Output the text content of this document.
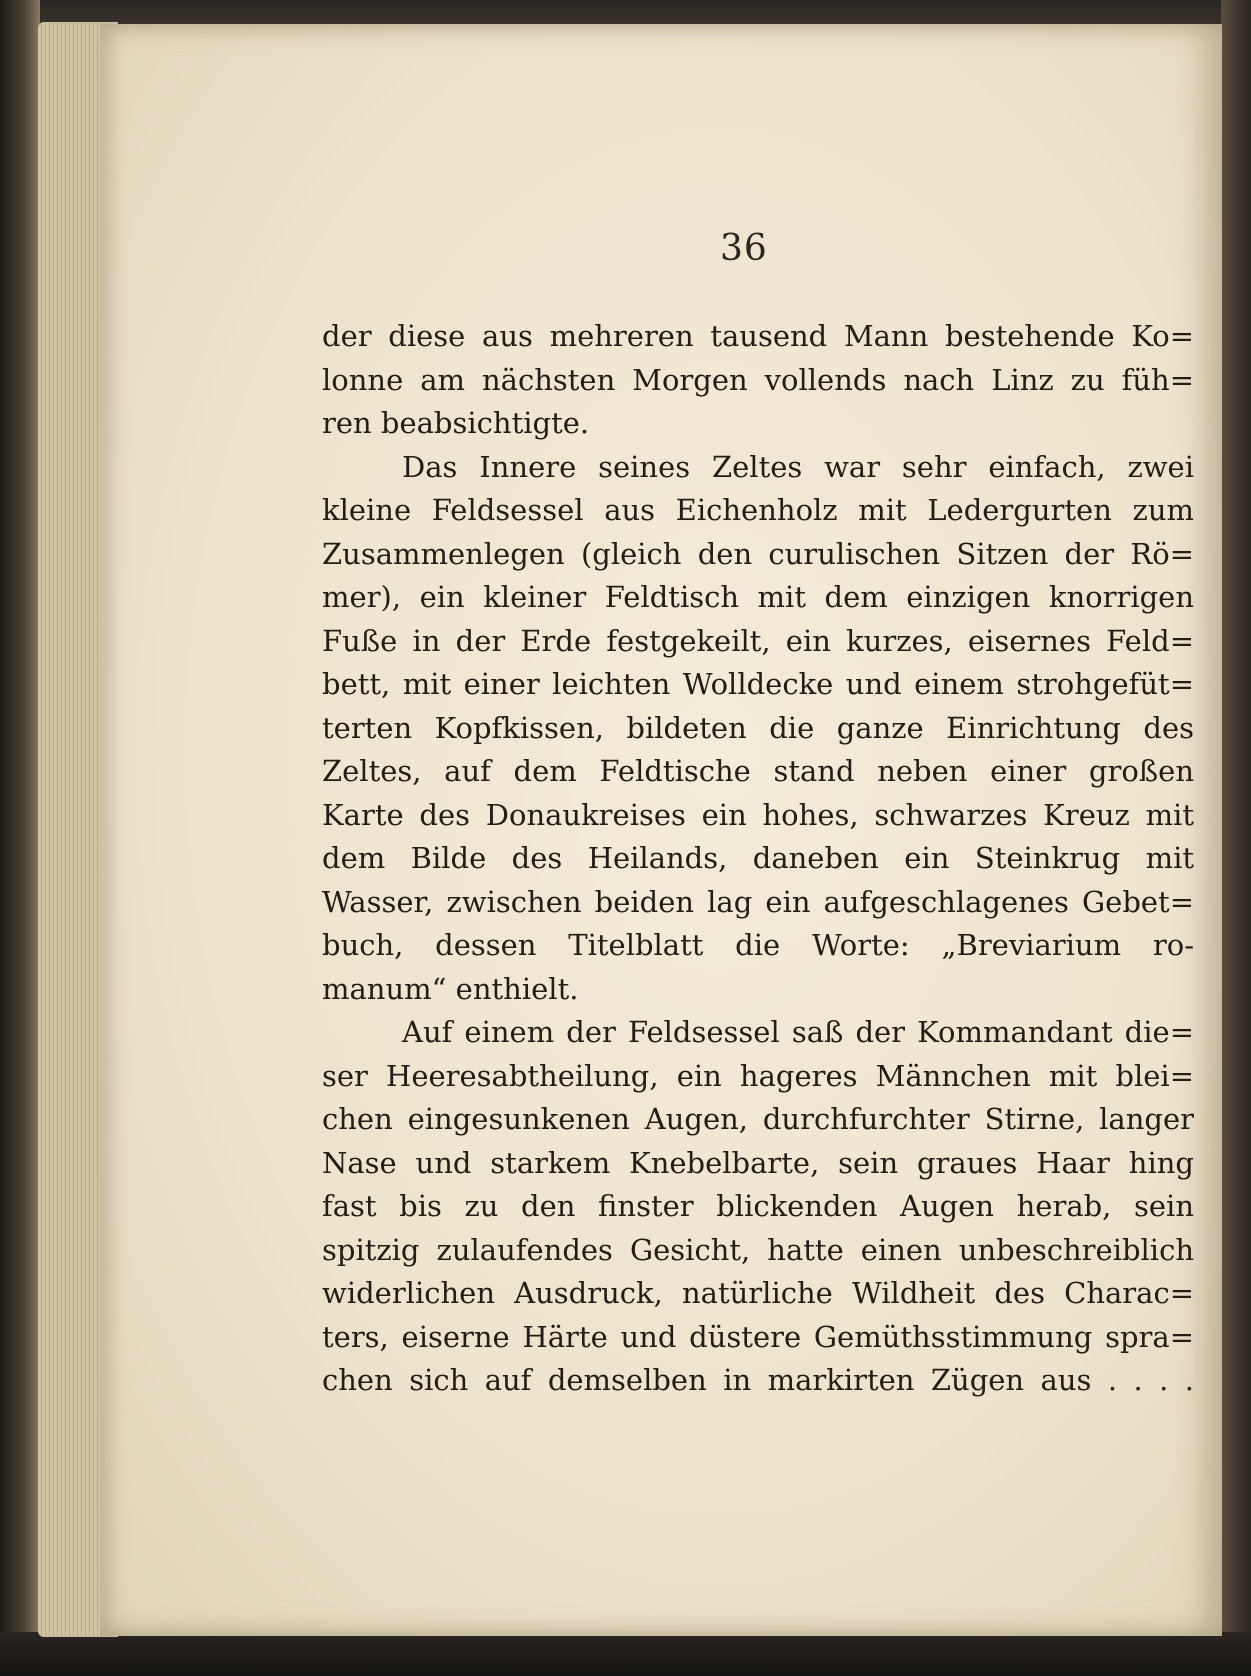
36
der diese aus mehreren tausend Mann bestehende Ko=
lonne am nächsten Morgen vollends nach Linz zu füh=
ren beabsichtigte.
Das Innere seines Zeltes war sehr einfach, zwei
kleine Feldsessel aus Eichenholz mit Ledergurten zum
Zusammenlegen (gleich den curulischen Sitzen der Rö=
mer), ein kleiner Feldtisch mit dem einzigen knorrigen
Fuße in der Erde festgekeilt, ein kurzes, eisernes Feld=
bett, mit einer leichten Wolldecke und einem strohgefüt=
terten Kopfkissen, bildeten die ganze Einrichtung des
Zeltes, auf dem Feldtische stand neben einer großen
Karte des Donaukreises ein hohes, schwarzes Kreuz mit
dem Bilde des Heilands, daneben ein Steinkrug mit
Wasser, zwischen beiden lag ein aufgeschlagenes Gebet=
buch, dessen Titelblatt die Worte: „Breviarium ro-
manum“ enthielt.
Auf einem der Feldsessel saß der Kommandant die=
ser Heeresabtheilung, ein hageres Männchen mit blei=
chen eingesunkenen Augen, durchfurchter Stirne, langer
Nase und starkem Knebelbarte, sein graues Haar hing
fast bis zu den finster blickenden Augen herab, sein
spitzig zulaufendes Gesicht, hatte einen unbeschreiblich
widerlichen Ausdruck, natürliche Wildheit des Charac=
ters, eiserne Härte und düstere Gemüthsstimmung spra=
chen sich auf demselben in markirten Zügen aus . . . .
